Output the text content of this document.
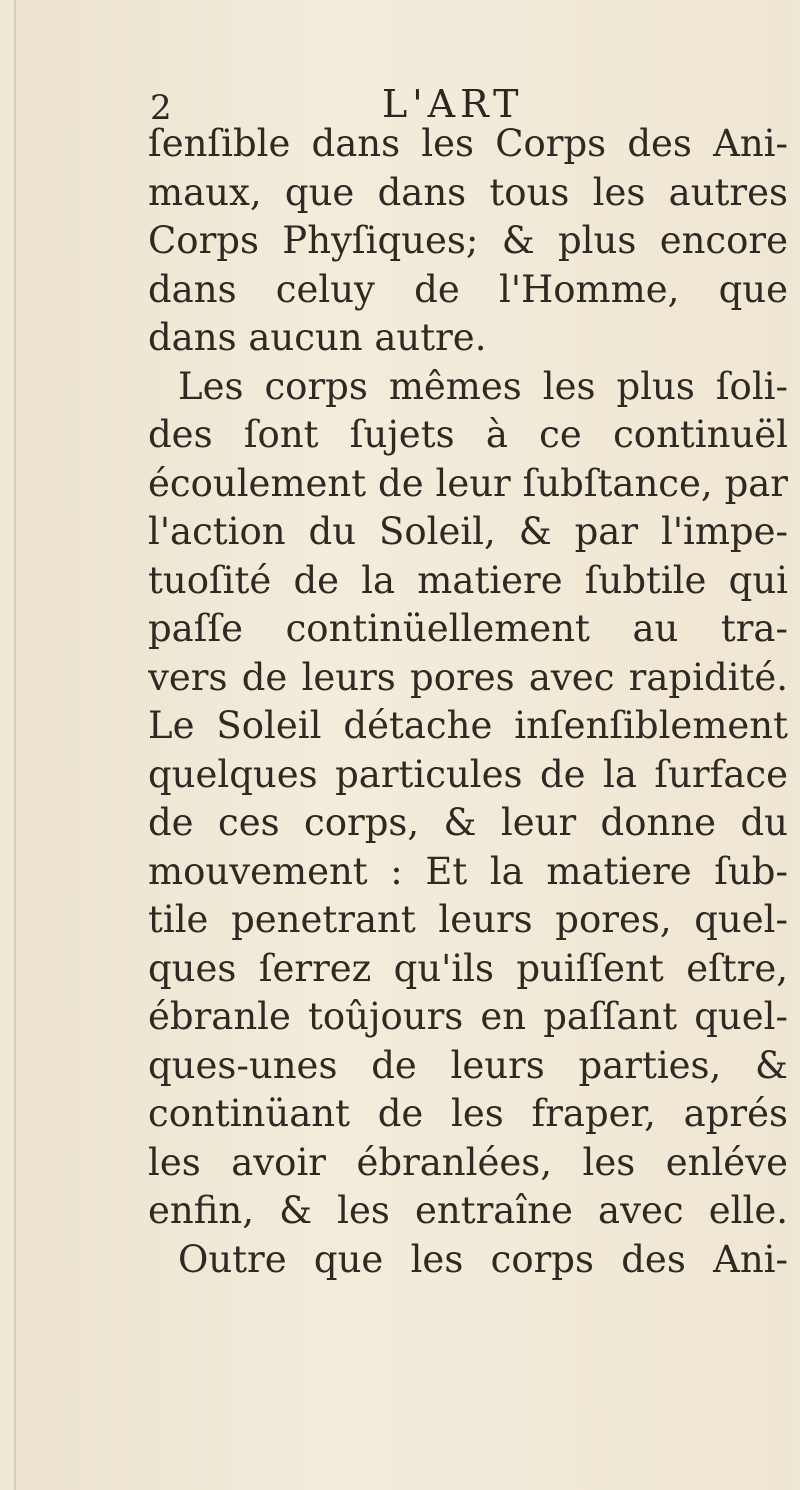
2	L'ART
ſenſible dans les Corps des Ani-
maux, que dans tous les autres
Corps Phyſiques; & plus encore
dans celuy de l'Homme, que
dans aucun autre.
Les corps mêmes les plus ſoli-
des ſont ſujets à ce continuël
écoulement de leur ſubſtance, par
l'action du Soleil, & par l'impe-
tuoſité de la matiere ſubtile qui
paſſe continüellement au tra-
vers de leurs pores avec rapidité.
Le Soleil détache inſenſiblement
quelques particules de la ſurface
de ces corps, & leur donne du
mouvement : Et la matiere ſub-
tile penetrant leurs pores, quel-
ques ſerrez qu'ils puiſſent eſtre,
ébranle toûjours en paſſant quel-
ques-unes de leurs parties, &
continüant de les fraper, aprés
les avoir ébranlées, les enléve
enfin, & les entraîne avec elle.
Outre que les corps des Ani-
